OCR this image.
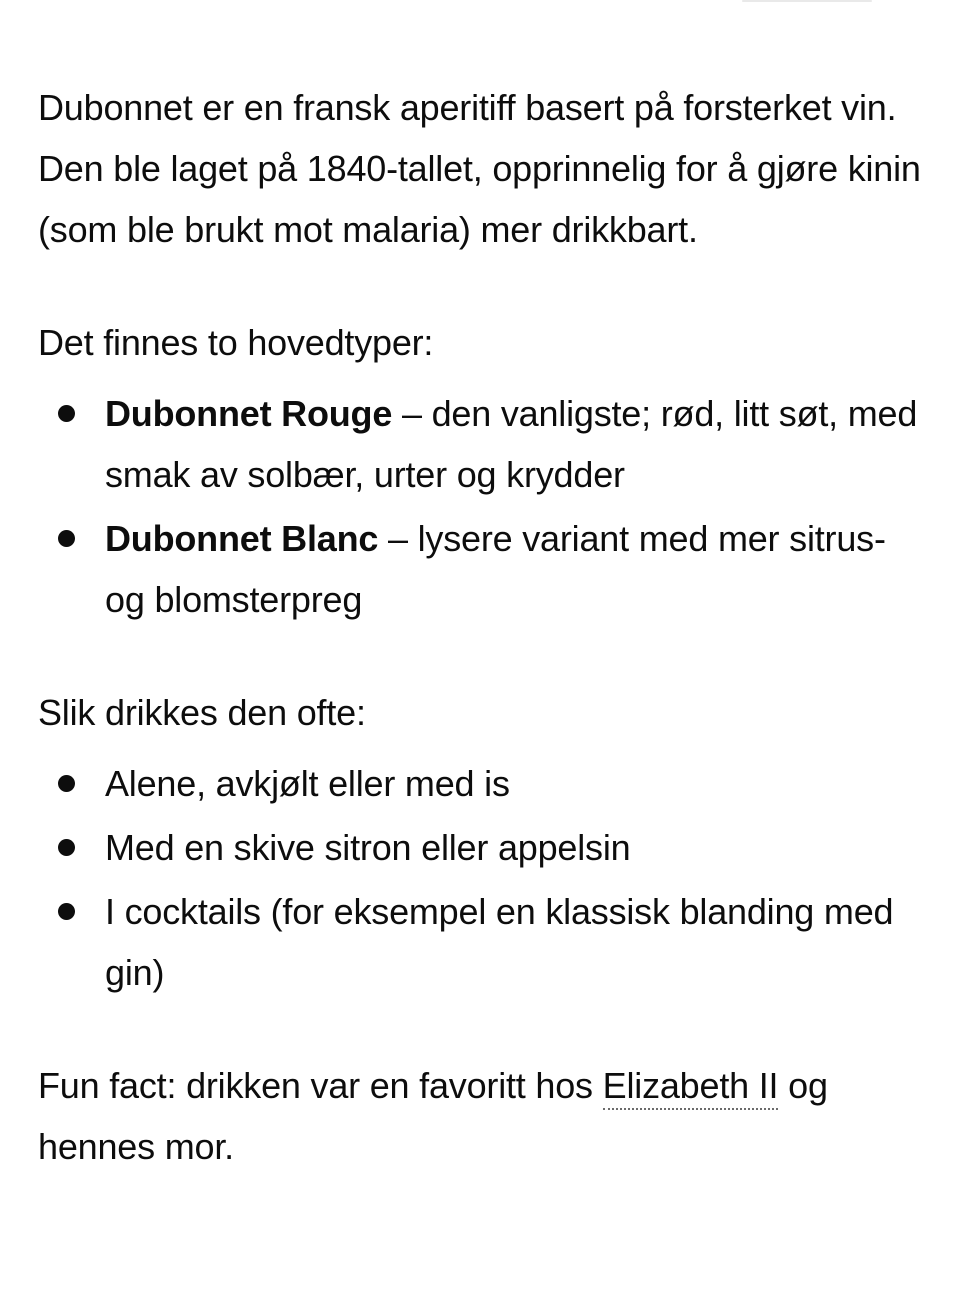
Dubonnet er en fransk aperitiff basert på forsterket vin. Den ble laget på 1840-tallet, opprinnelig for å gjøre kinin (som ble brukt mot malaria) mer drikkbart.

Det finnes to hovedtyper:

Dubonnet Rouge – den vanligste; rød, litt søt, med smak av solbær, urter og krydder
Dubonnet Blanc – lysere variant med mer sitrus- og blomsterpreg

Slik drikkes den ofte:

Alene, avkjølt eller med is
Med en skive sitron eller appelsin
I cocktails (for eksempel en klassisk blanding med gin)

Fun fact: drikken var en favoritt hos Elizabeth II og hennes mor.
